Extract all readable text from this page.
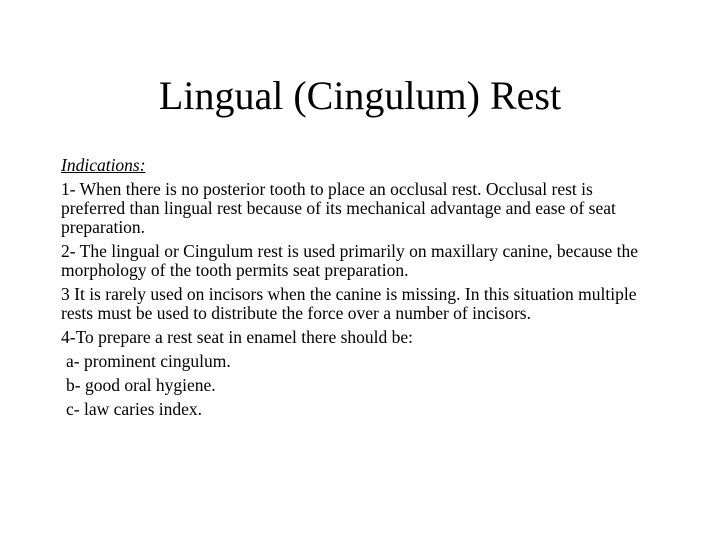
Lingual (Cingulum) Rest

Indications:

1- When there is no posterior tooth to place an occlusal rest. Occlusal rest is preferred than lingual rest because of its mechanical advantage and ease of seat preparation.

2- The lingual or Cingulum rest is used primarily on maxillary canine, because the morphology of the tooth permits seat preparation.

3 It is rarely used on incisors when the canine is missing. In this situation multiple rests must be used to distribute the force over a number of incisors.

4-To prepare a rest seat in enamel there should be:

a- prominent cingulum.

b- good oral hygiene.

c- law caries index.
